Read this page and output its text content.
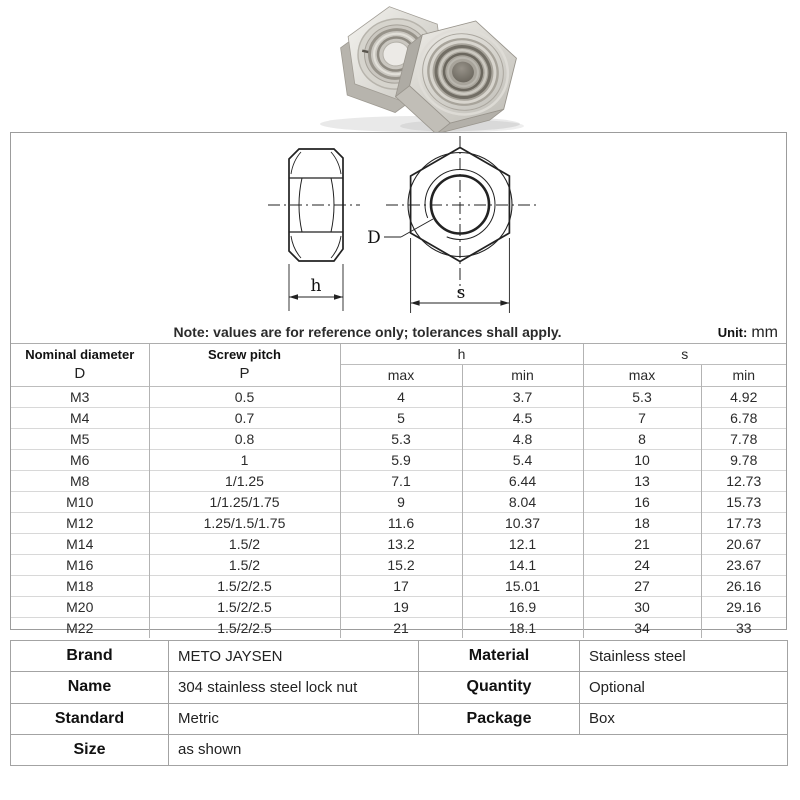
h
D
s
Note: values are for reference only; tolerances shall apply. Unit: mm					

Nominal diameter
D

Screw pitch
P
	h	s
		max	min	max	min
M3	0.5	4	3.7	5.3	4.92
M4	0.7	5	4.5	7	6.78
M5	0.8	5.3	4.8	8	7.78
M6	1	5.9	5.4	10	9.78
M8	1/1.25	7.1	6.44	13	12.73
M10	1/1.25/1.75	9	8.04	16	15.73
M12	1.25/1.5/1.75	11.6	10.37	18	17.73
M14	1.5/2	13.2	12.1	21	20.67
M16	1.5/2	15.2	14.1	24	23.67
M18	1.5/2/2.5	17	15.01	27	26.16
M20	1.5/2/2.5	19	16.9	30	29.16
M22	1.5/2/2.5	21	18.1	34	33
Brand	METO JAYSEN	Material	Stainless steel
Name	304 stainless steel lock nut	Quantity	Optional
Standard	Metric	Package	Box
Size	as shown		
